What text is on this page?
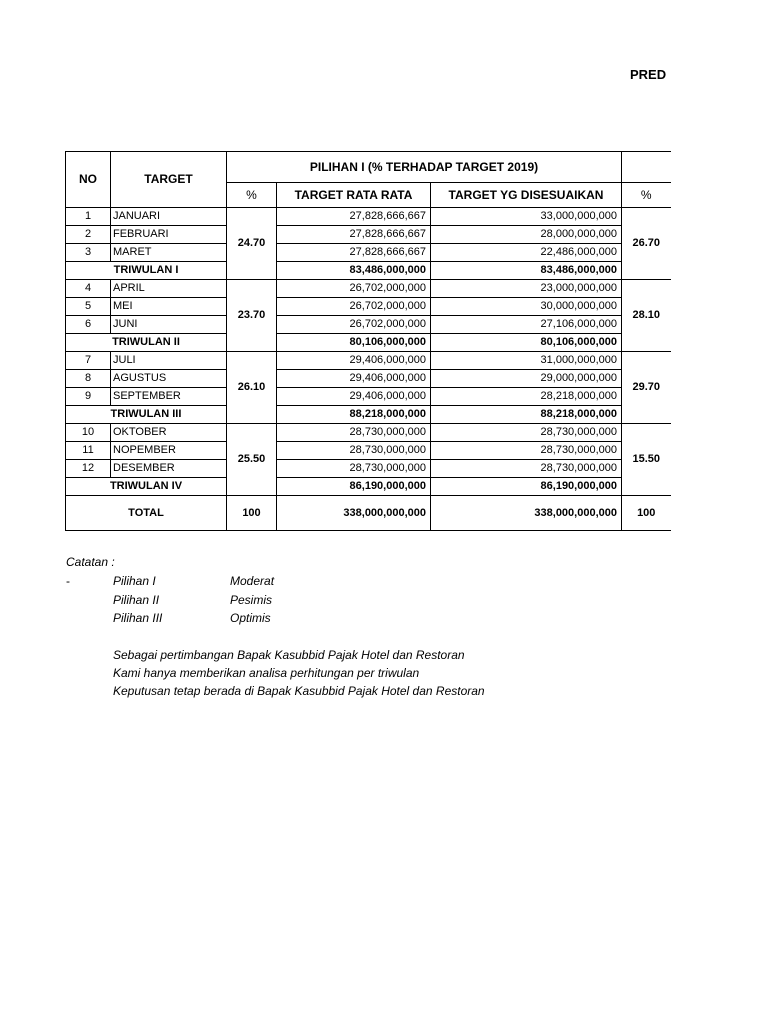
PRED
NO	TARGET	PILIHAN I (% TERHADAP TARGET 2019)			
		%	TARGET RATA RATA	TARGET YG DISESUAIKAN	%
1	JANUARI	24.70	27,828,666,667	33,000,000,000	26.70
2	FEBRUARI		27,828,666,667	28,000,000,000	
3	MARET		27,828,666,667	22,486,000,000	
TRIWULAN I			83,486,000,000	83,486,000,000	
4	APRIL	23.70	26,702,000,000	23,000,000,000	28.10
5	MEI		26,702,000,000	30,000,000,000	
6	JUNI		26,702,000,000	27,106,000,000	
TRIWULAN II			80,106,000,000	80,106,000,000	
7	JULI	26.10	29,406,000,000	31,000,000,000	29.70
8	AGUSTUS		29,406,000,000	29,000,000,000	
9	SEPTEMBER		29,406,000,000	28,218,000,000	
TRIWULAN III			88,218,000,000	88,218,000,000	
10	OKTOBER	25.50	28,730,000,000	28,730,000,000	15.50
11	NOPEMBER		28,730,000,000	28,730,000,000	
12	DESEMBER		28,730,000,000	28,730,000,000	
TRIWULAN IV			86,190,000,000	86,190,000,000	
TOTAL		100	338,000,000,000	338,000,000,000	100
Catatan :
-	Pilihan I	Moderat
Pilihan II	Pesimis
Pilihan III	Optimis
Sebagai pertimbangan Bapak Kasubbid Pajak Hotel dan Restoran
Kami hanya memberikan analisa perhitungan per triwulan
Keputusan tetap berada di Bapak Kasubbid Pajak Hotel dan Restoran
